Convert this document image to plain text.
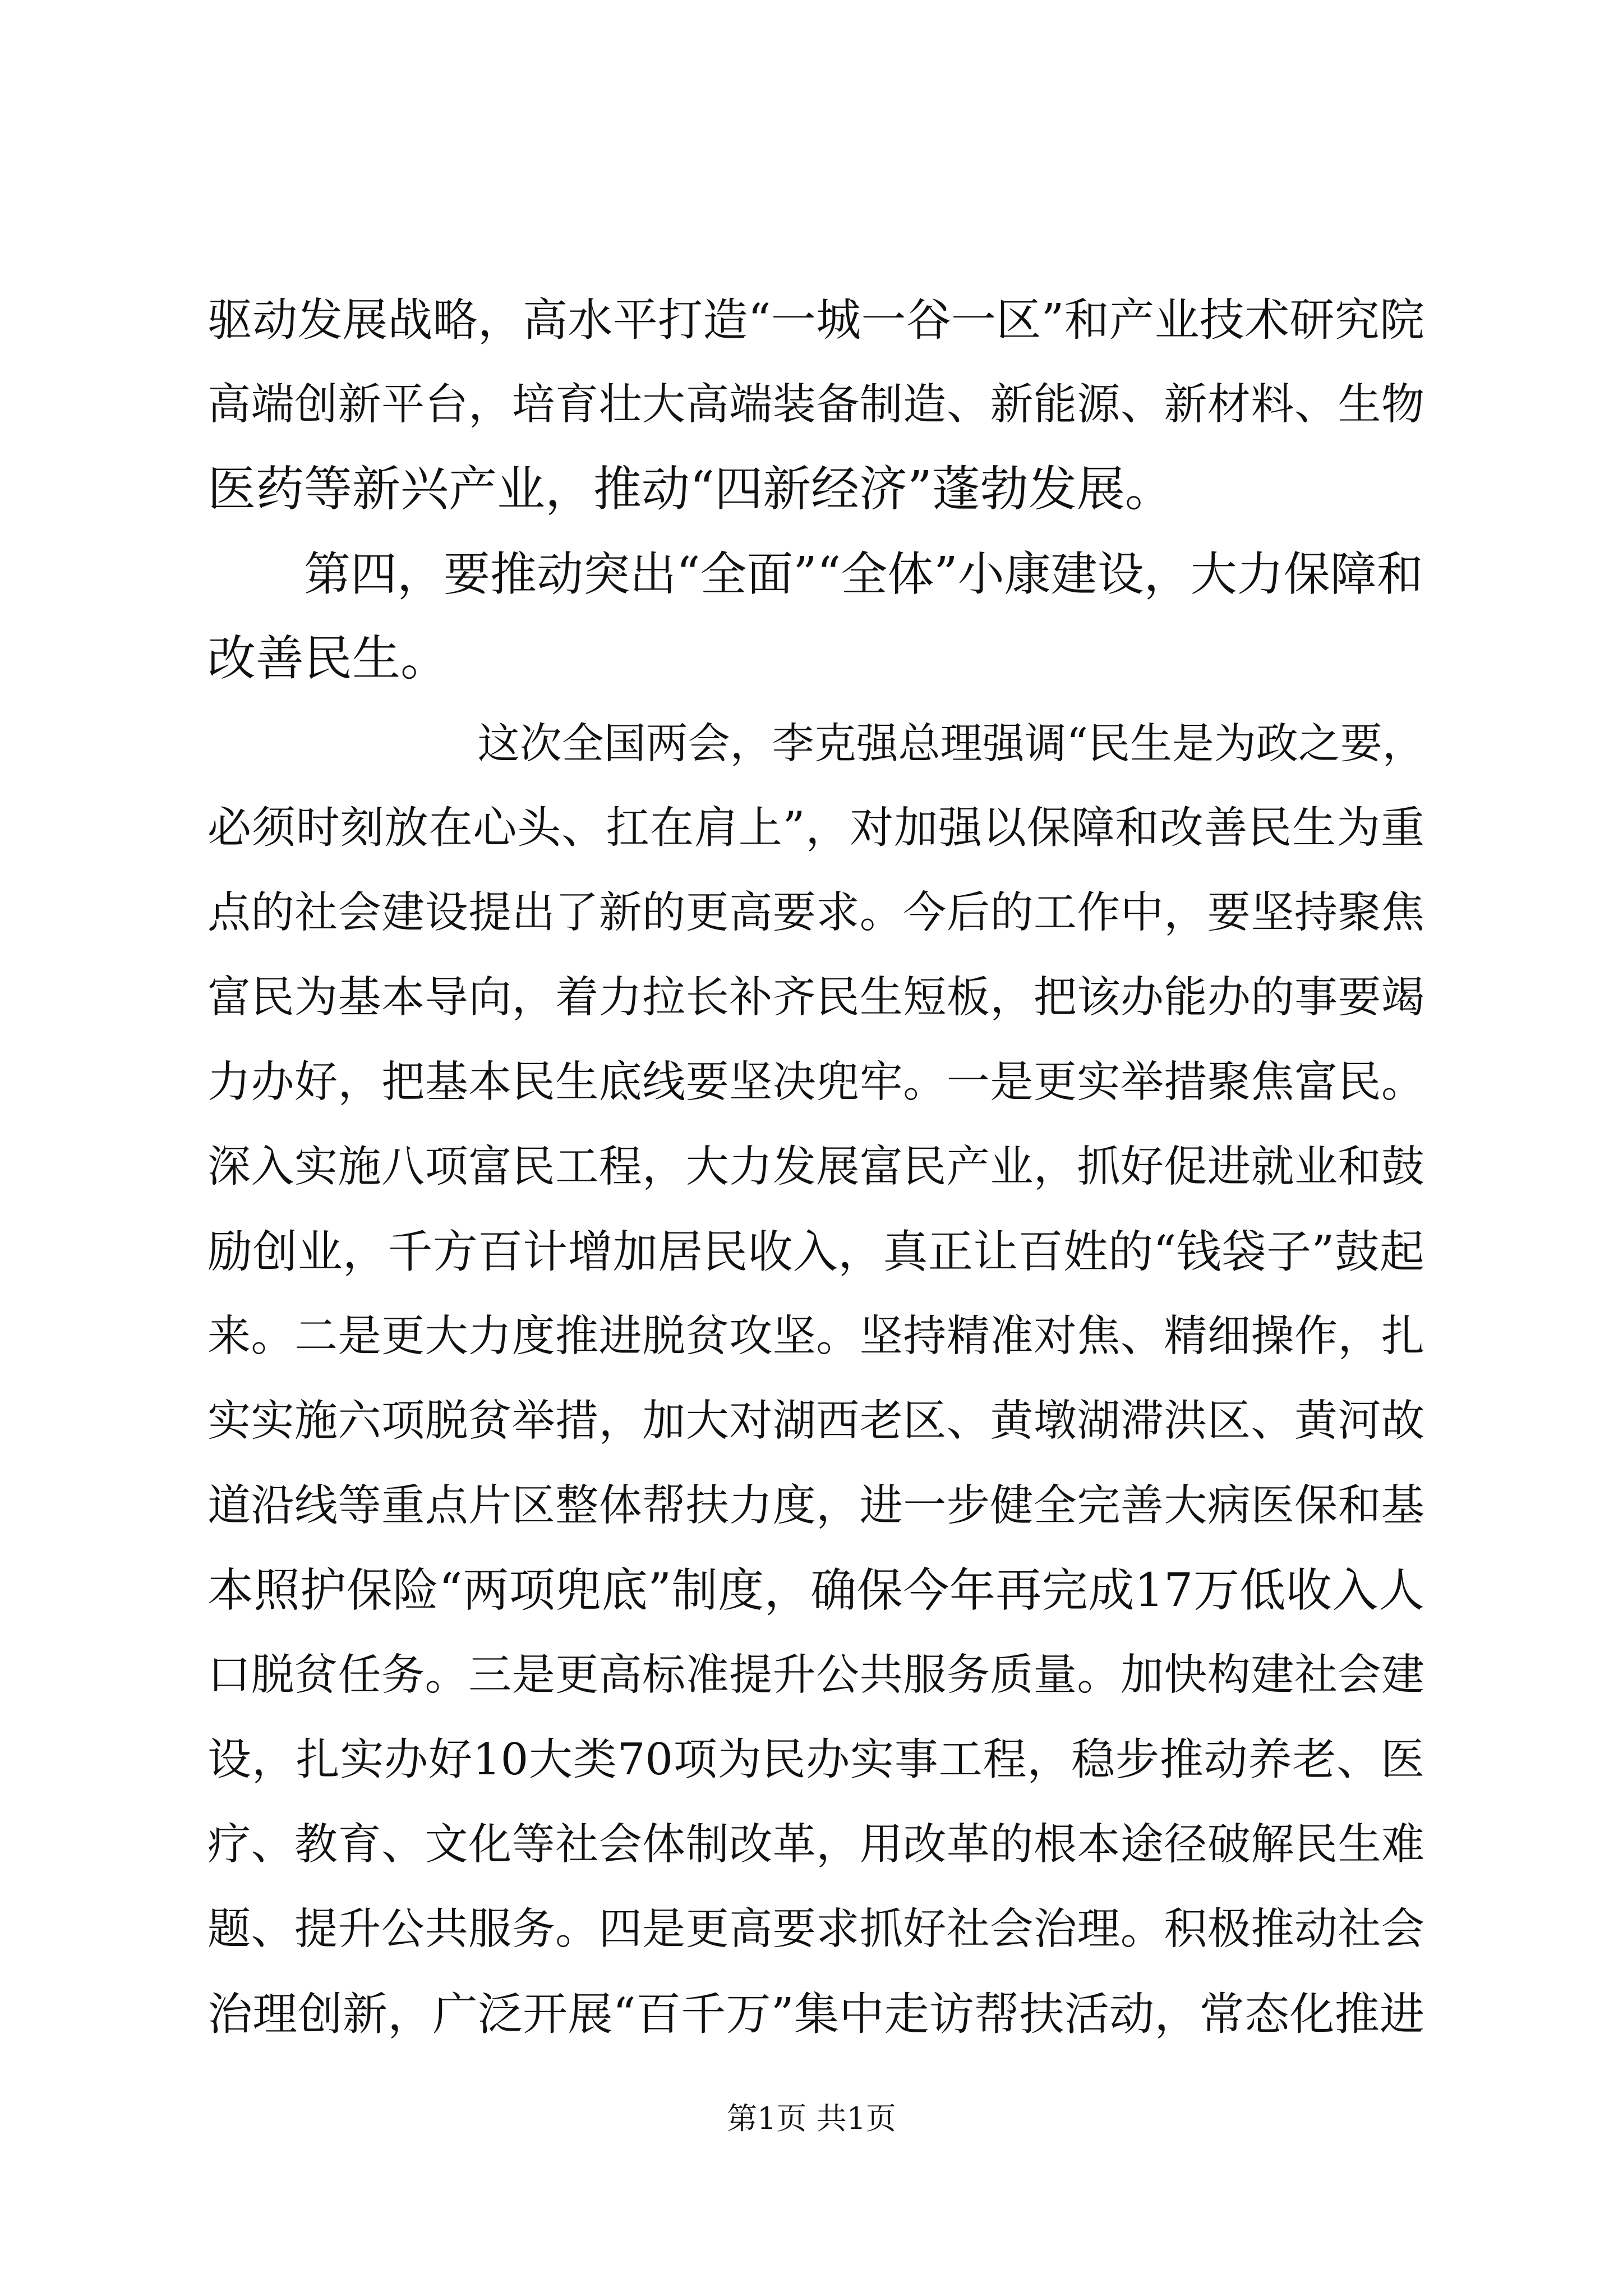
驱动发展战略，高水平打造“一城一谷一区”和产业技术研究院
高端创新平台，培育壮大高端装备制造、新能源、新材料、生物
医药等新兴产业，推动“四新经济”蓬勃发展。
第四，要推动突出“全面”“全体”小康建设，大力保障和
改善民生。
这次全国两会，李克强总理强调“民生是为政之要，
必须时刻放在心头、扛在肩上”，对加强以保障和改善民生为重
点的社会建设提出了新的更高要求。今后的工作中，要坚持聚焦
富民为基本导向，着力拉长补齐民生短板，把该办能办的事要竭
力办好，把基本民生底线要坚决兜牢。一是更实举措聚焦富民。
深入实施八项富民工程，大力发展富民产业，抓好促进就业和鼓
励创业，千方百计增加居民收入，真正让百姓的“钱袋子”鼓起
来。二是更大力度推进脱贫攻坚。坚持精准对焦、精细操作，扎
实实施六项脱贫举措，加大对湖西老区、黄墩湖滞洪区、黄河故
道沿线等重点片区整体帮扶力度，进一步健全完善大病医保和基
本照护保险“两项兜底”制度，确保今年再完成17万低收入人
口脱贫任务。三是更高标准提升公共服务质量。加快构建社会建
设，扎实办好10大类70项为民办实事工程，稳步推动养老、医
疗、教育、文化等社会体制改革，用改革的根本途径破解民生难
题、提升公共服务。四是更高要求抓好社会治理。积极推动社会
治理创新，广泛开展“百千万”集中走访帮扶活动，常态化推进
第1页 共1页
